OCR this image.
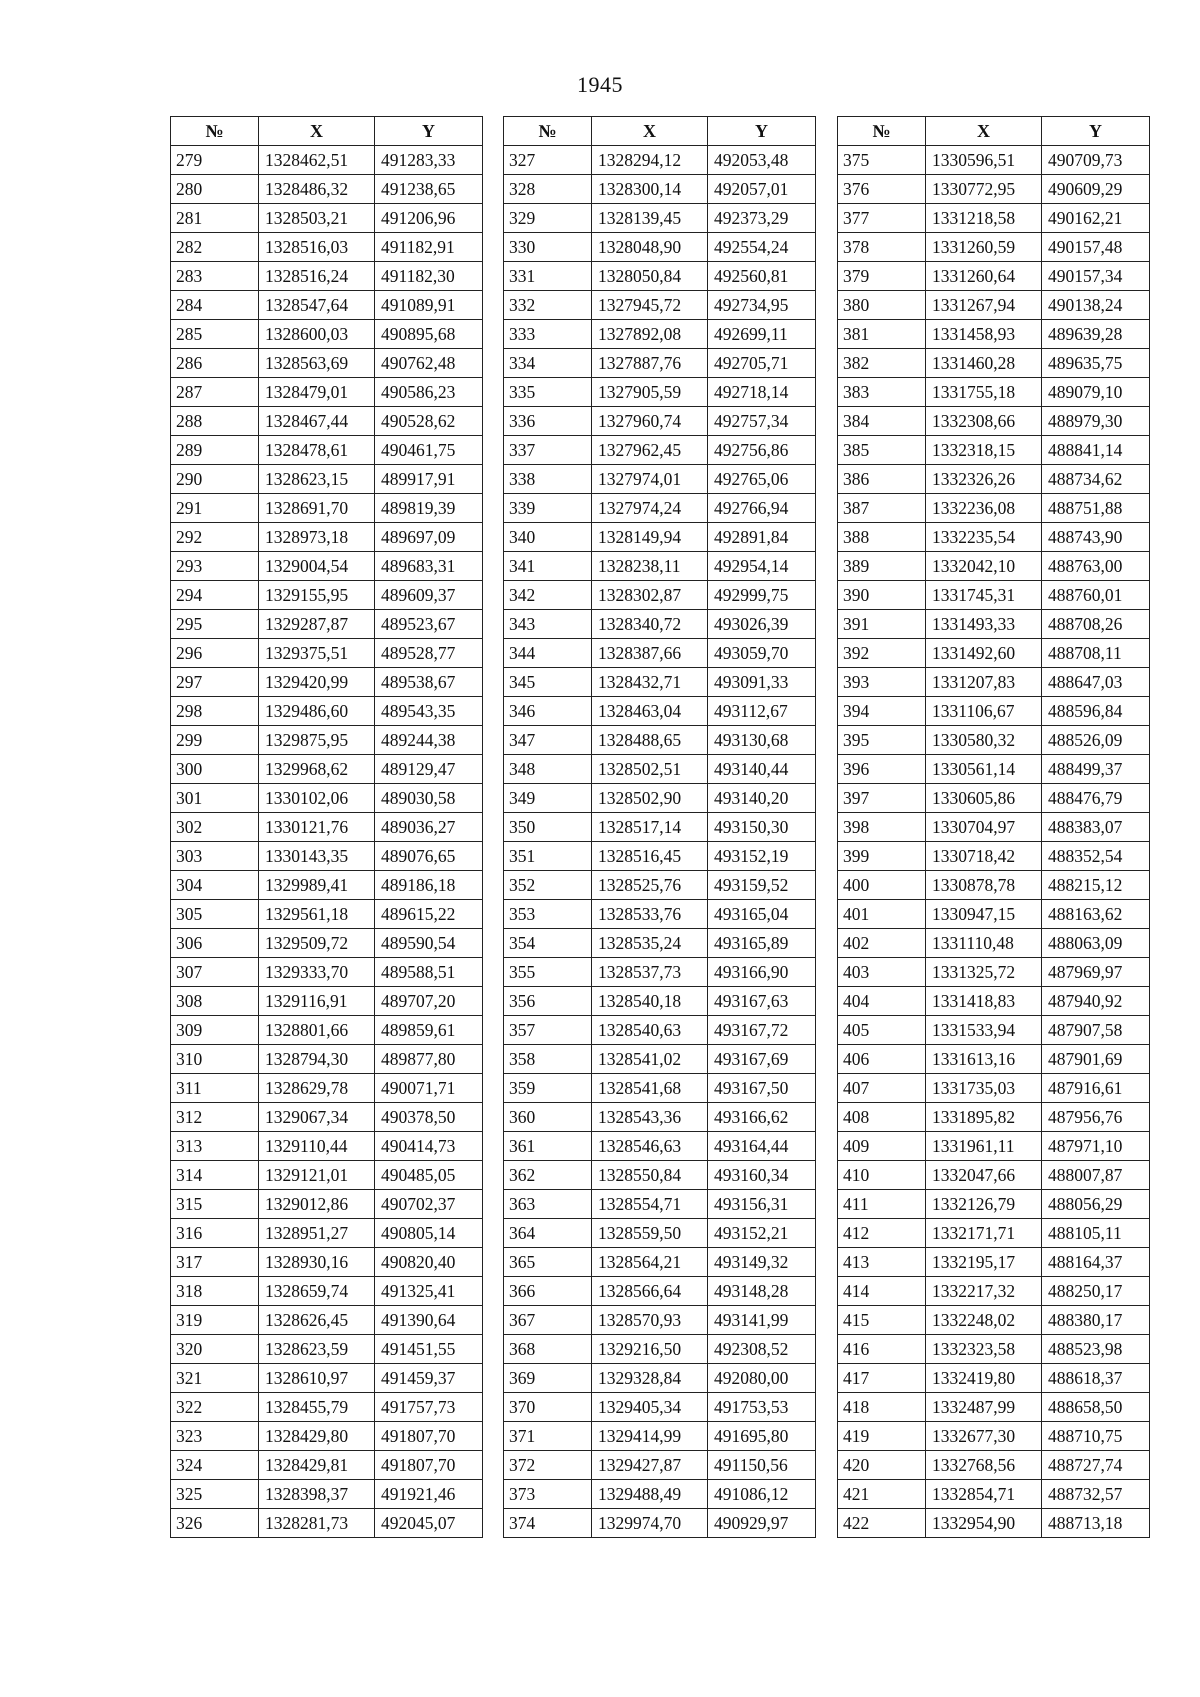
1945
№	X	Y
279	1328462,51	491283,33
280	1328486,32	491238,65
281	1328503,21	491206,96
282	1328516,03	491182,91
283	1328516,24	491182,30
284	1328547,64	491089,91
285	1328600,03	490895,68
286	1328563,69	490762,48
287	1328479,01	490586,23
288	1328467,44	490528,62
289	1328478,61	490461,75
290	1328623,15	489917,91
291	1328691,70	489819,39
292	1328973,18	489697,09
293	1329004,54	489683,31
294	1329155,95	489609,37
295	1329287,87	489523,67
296	1329375,51	489528,77
297	1329420,99	489538,67
298	1329486,60	489543,35
299	1329875,95	489244,38
300	1329968,62	489129,47
301	1330102,06	489030,58
302	1330121,76	489036,27
303	1330143,35	489076,65
304	1329989,41	489186,18
305	1329561,18	489615,22
306	1329509,72	489590,54
307	1329333,70	489588,51
308	1329116,91	489707,20
309	1328801,66	489859,61
310	1328794,30	489877,80
311	1328629,78	490071,71
312	1329067,34	490378,50
313	1329110,44	490414,73
314	1329121,01	490485,05
315	1329012,86	490702,37
316	1328951,27	490805,14
317	1328930,16	490820,40
318	1328659,74	491325,41
319	1328626,45	491390,64
320	1328623,59	491451,55
321	1328610,97	491459,37
322	1328455,79	491757,73
323	1328429,80	491807,70
324	1328429,81	491807,70
325	1328398,37	491921,46
326	1328281,73	492045,07
№	X	Y
327	1328294,12	492053,48
328	1328300,14	492057,01
329	1328139,45	492373,29
330	1328048,90	492554,24
331	1328050,84	492560,81
332	1327945,72	492734,95
333	1327892,08	492699,11
334	1327887,76	492705,71
335	1327905,59	492718,14
336	1327960,74	492757,34
337	1327962,45	492756,86
338	1327974,01	492765,06
339	1327974,24	492766,94
340	1328149,94	492891,84
341	1328238,11	492954,14
342	1328302,87	492999,75
343	1328340,72	493026,39
344	1328387,66	493059,70
345	1328432,71	493091,33
346	1328463,04	493112,67
347	1328488,65	493130,68
348	1328502,51	493140,44
349	1328502,90	493140,20
350	1328517,14	493150,30
351	1328516,45	493152,19
352	1328525,76	493159,52
353	1328533,76	493165,04
354	1328535,24	493165,89
355	1328537,73	493166,90
356	1328540,18	493167,63
357	1328540,63	493167,72
358	1328541,02	493167,69
359	1328541,68	493167,50
360	1328543,36	493166,62
361	1328546,63	493164,44
362	1328550,84	493160,34
363	1328554,71	493156,31
364	1328559,50	493152,21
365	1328564,21	493149,32
366	1328566,64	493148,28
367	1328570,93	493141,99
368	1329216,50	492308,52
369	1329328,84	492080,00
370	1329405,34	491753,53
371	1329414,99	491695,80
372	1329427,87	491150,56
373	1329488,49	491086,12
374	1329974,70	490929,97
№	X	Y
375	1330596,51	490709,73
376	1330772,95	490609,29
377	1331218,58	490162,21
378	1331260,59	490157,48
379	1331260,64	490157,34
380	1331267,94	490138,24
381	1331458,93	489639,28
382	1331460,28	489635,75
383	1331755,18	489079,10
384	1332308,66	488979,30
385	1332318,15	488841,14
386	1332326,26	488734,62
387	1332236,08	488751,88
388	1332235,54	488743,90
389	1332042,10	488763,00
390	1331745,31	488760,01
391	1331493,33	488708,26
392	1331492,60	488708,11
393	1331207,83	488647,03
394	1331106,67	488596,84
395	1330580,32	488526,09
396	1330561,14	488499,37
397	1330605,86	488476,79
398	1330704,97	488383,07
399	1330718,42	488352,54
400	1330878,78	488215,12
401	1330947,15	488163,62
402	1331110,48	488063,09
403	1331325,72	487969,97
404	1331418,83	487940,92
405	1331533,94	487907,58
406	1331613,16	487901,69
407	1331735,03	487916,61
408	1331895,82	487956,76
409	1331961,11	487971,10
410	1332047,66	488007,87
411	1332126,79	488056,29
412	1332171,71	488105,11
413	1332195,17	488164,37
414	1332217,32	488250,17
415	1332248,02	488380,17
416	1332323,58	488523,98
417	1332419,80	488618,37
418	1332487,99	488658,50
419	1332677,30	488710,75
420	1332768,56	488727,74
421	1332854,71	488732,57
422	1332954,90	488713,18
